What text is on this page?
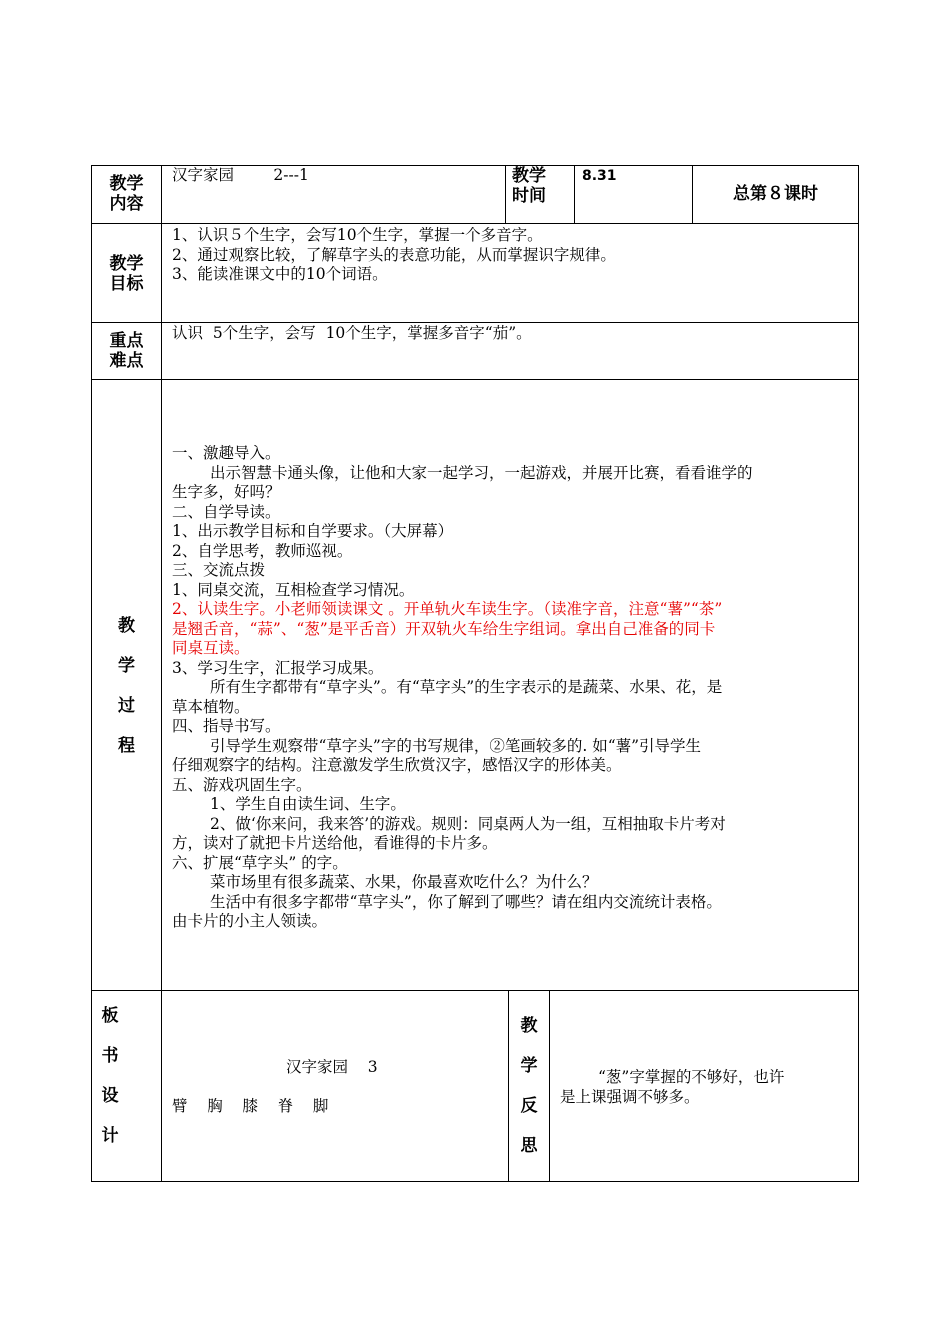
教学
内容
汉字家园        2---1	教学
时间
8.31
总第８课时
教学
目标
1、认识５个生字，会写10个生字，掌握一个多音字。
2、通过观察比较，了解草字头的表意功能，从而掌握识字规律。
3、能读准课文中的10个词语。
重点
难点
认识  5个生字，会写  10个生字，掌握多音字“茄”。
教
学
过
程
一、激趣导入。
出示智慧卡通头像，让他和大家一起学习，一起游戏，并展开比赛，看看谁学的
生字多，好吗？
二、自学导读。
1、出示教学目标和自学要求。（大屏幕）
2、自学思考，教师巡视。
三、交流点拨
1、同桌交流，互相检查学习情况。
2、认读生字。小老师领读课文 。开单轨火车读生字。（读准字音，注意“薯”“茶”
是翘舌音，“蒜”、“葱”是平舌音）开双轨火车给生字组词。拿出自己准备的同卡
同桌互读。
3、学习生字，汇报学习成果。
所有生字都带有“草字头”。有“草字头”的生字表示的是蔬菜、水果、花，是
草本植物。
四、指导书写。
引导学生观察带“草字头”字的书写规律，②笔画较多的. 如“薯”引导学生
仔细观察字的结构。注意激发学生欣赏汉字，感悟汉字的形体美。
五、游戏巩固生字。
1、学生自由读生词、生字。
2、做‘你来问，我来答’的游戏。规则：同桌两人为一组，互相抽取卡片考对
方，读对了就把卡片送给他，看谁得的卡片多。
六、扩展“草字头” 的字。
菜市场里有很多蔬菜、水果，你最喜欢吃什么？为什么？
生活中有很多字都带“草字头”，你了解到了哪些？请在组内交流统计表格。
由卡片的小主人领读。
板
书
设
计
汉字家园    3
臂    胸    膝    脊    脚
教
学
反
思
“葱”字掌握的不够好，也许
是上课强调不够多。
